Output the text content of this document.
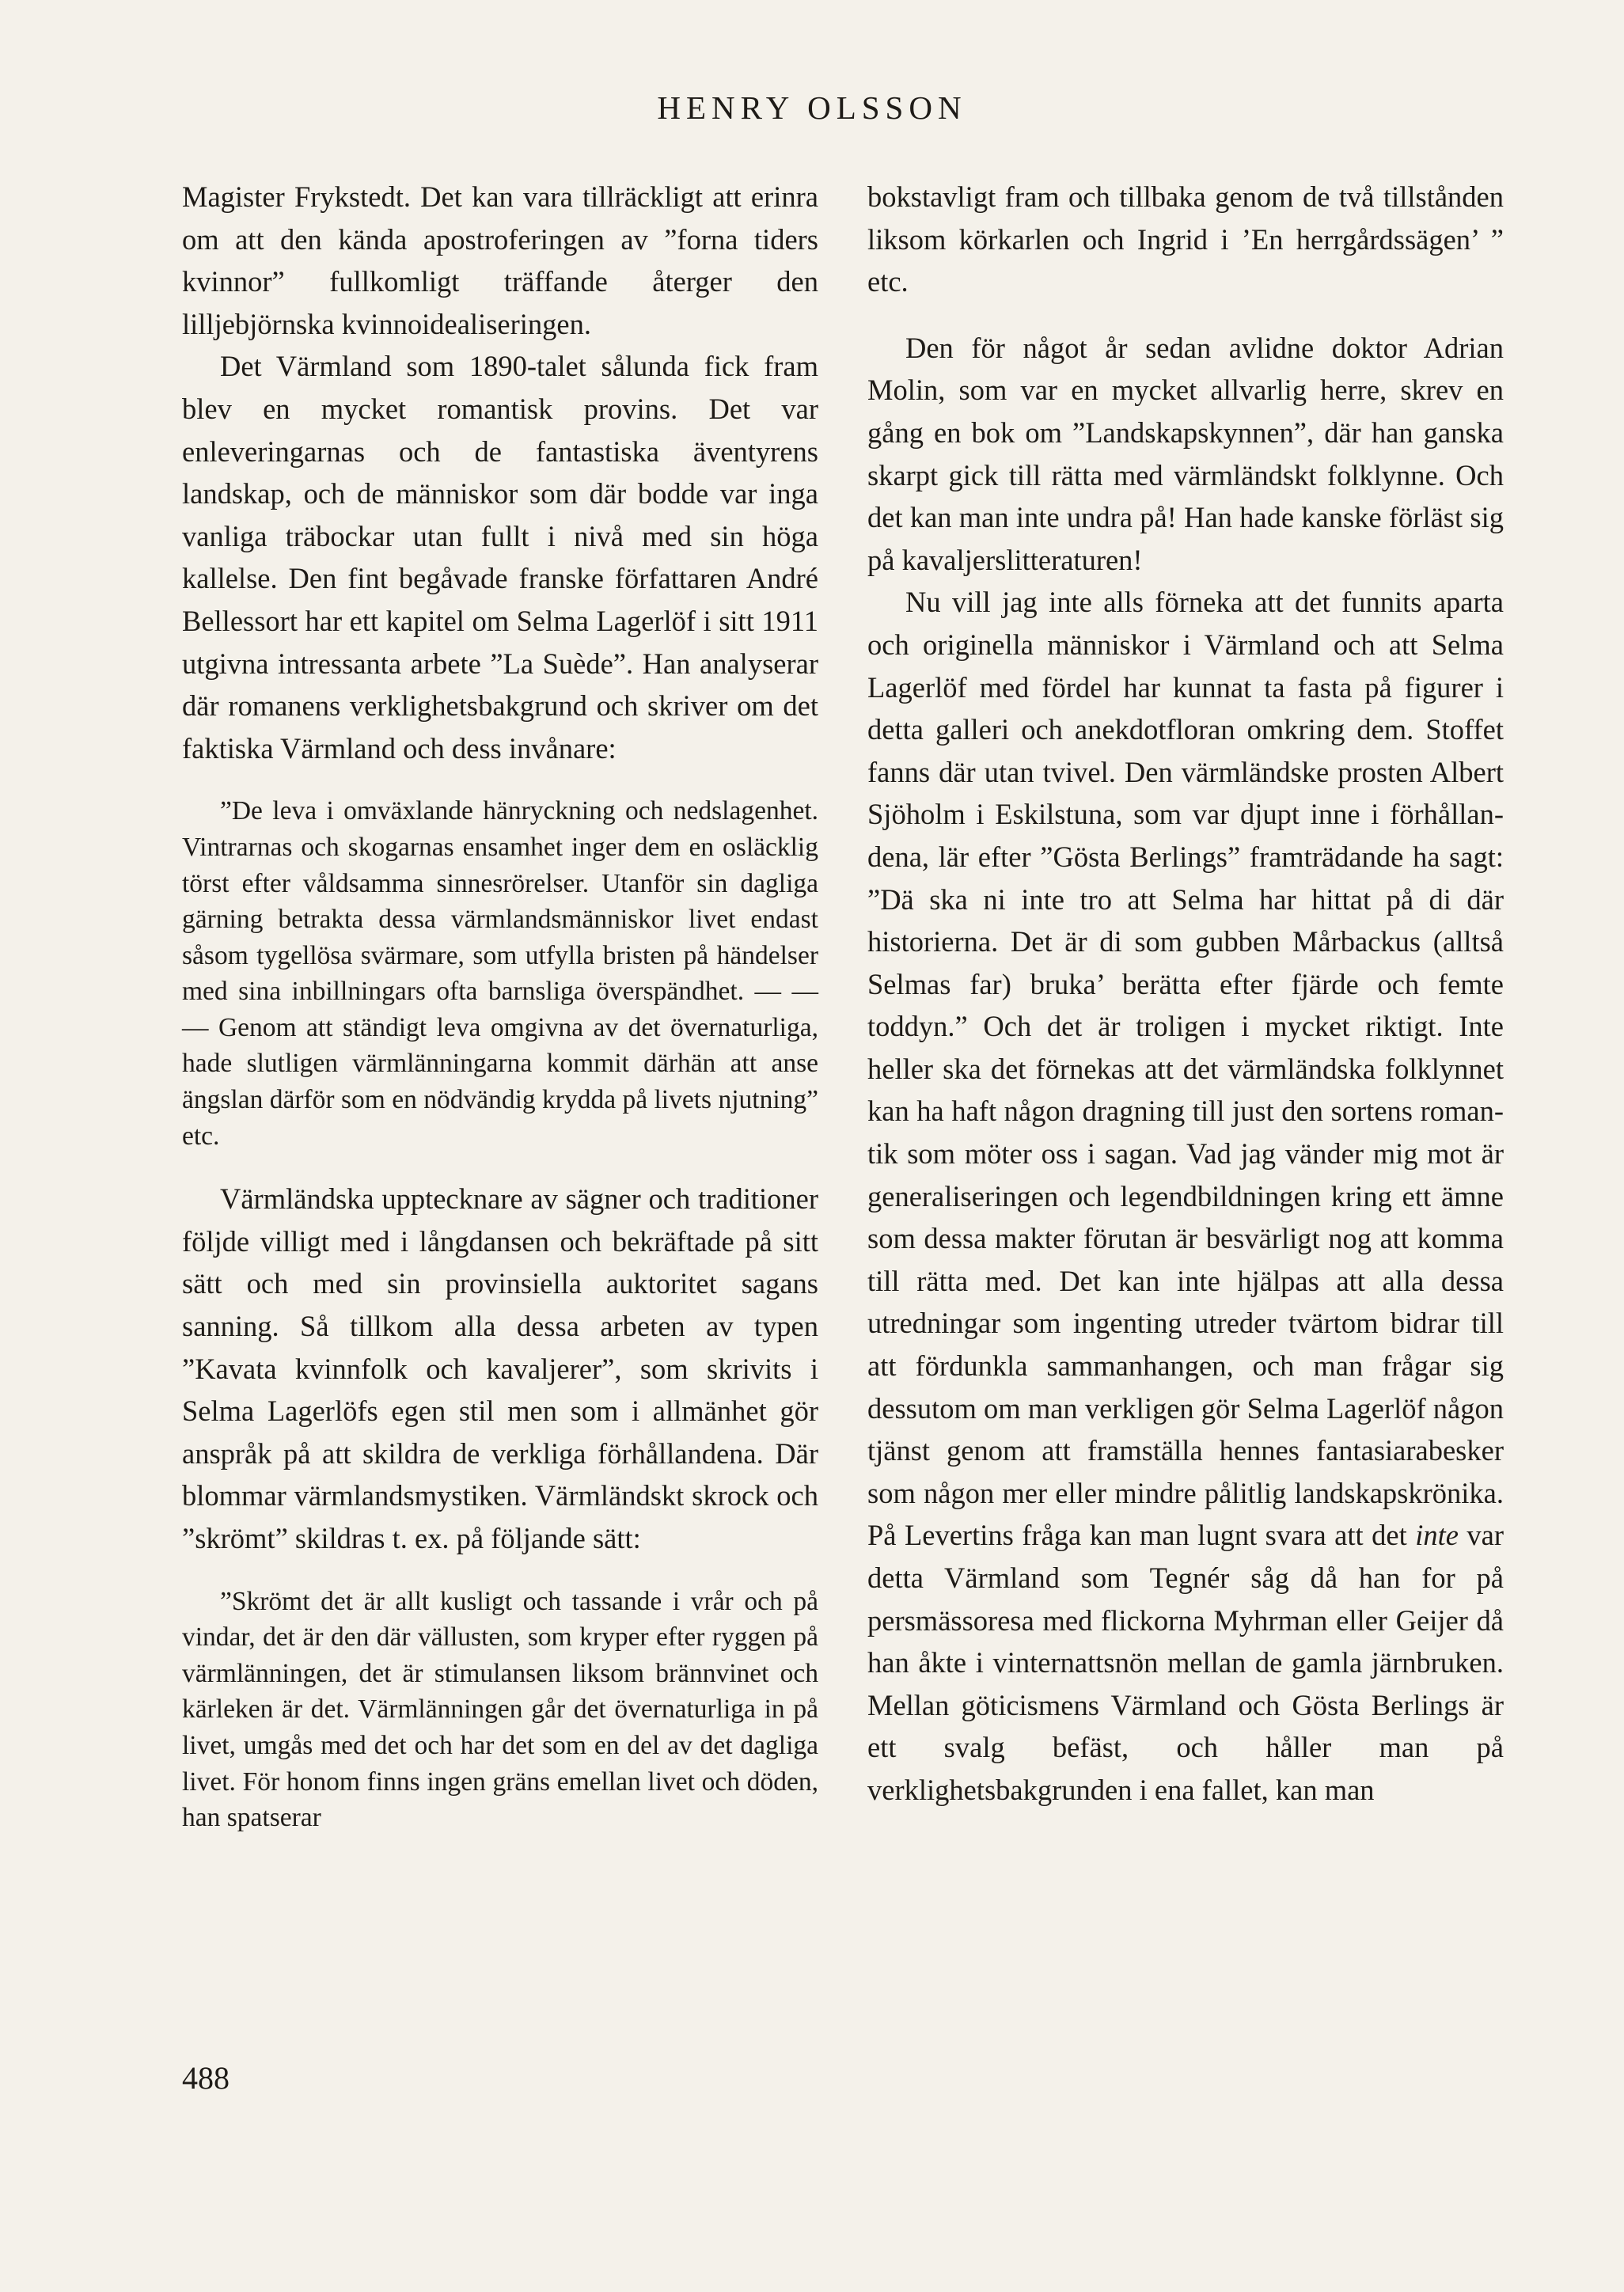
HENRY OLSSON

Magister Frykstedt. Det kan vara tillräckligt att erinra om att den kända apostroferingen av ”forna tiders kvinnor” fullkomligt träffande återger den lilljebjörnska kvinnoidealiseringen.

Det Värmland som 1890-talet sålunda fick fram blev en mycket romantisk provins. Det var enleveringarnas och de fantastiska äventyrens landskap, och de människor som där bodde var inga vanliga träbockar utan fullt i nivå med sin höga kallelse. Den fint begåvade franske författaren André Bellessort har ett kapitel om Selma Lagerlöf i sitt 1911 utgivna intressanta arbete ”La Suède”. Han analyserar där romanens verklighetsbakgrund och skriver om det faktiska Värmland och dess invånare:

”De leva i omväxlande hänryckning och nedslagenhet. Vintrarnas och skogarnas ensamhet inger dem en osläcklig törst efter våldsamma sinnesrörelser. Utanför sin dagliga gärning betrakta dessa värmlandsmänniskor livet endast såsom tygellösa svärmare, som utfylla bristen på händelser med sina inbillningars ofta barnsliga överspändhet. — — — Genom att ständigt leva omgivna av det övernaturliga, hade slutligen värmlänningarna kommit därhän att anse ängslan därför som en nödvändig krydda på livets njutning” etc.

Värmländska upptecknare av sägner och traditioner följde villigt med i långdansen och bekräftade på sitt sätt och med sin provinsiella auktoritet sagans sanning. Så tillkom alla dessa arbeten av typen ”Kavata kvinnfolk och kavaljerer”, som skrivits i Selma Lagerlöfs egen stil men som i allmänhet gör anspråk på att skildra de verkliga förhållandena. Där blommar värmlandsmystiken. Värmländskt skrock och ”skrömt” skildras t. ex. på följande sätt:

”Skrömt det är allt kusligt och tassande i vrår och på vindar, det är den där vällusten, som kryper efter ryggen på värmlänningen, det är stimulansen liksom brännvinet och kärleken är det. Värmlänningen går det övernaturliga in på livet, umgås med det och har det som en del av det dagliga livet. För honom finns ingen gräns emellan livet och döden, han spatserar

bokstavligt fram och tillbaka genom de två tillstånden liksom körkarlen och Ingrid i ’En herrgårdssägen’ ” etc.

Den för något år sedan avlidne doktor Adrian Molin, som var en mycket allvarlig herre, skrev en gång en bok om ”Landskapskynnen”, där han ganska skarpt gick till rätta med värmländskt folklynne. Och det kan man inte undra på! Han hade kanske förläst sig på kavaljerslitteraturen!

Nu vill jag inte alls förneka att det funnits aparta och originella människor i Värmland och att Selma Lagerlöf med fördel har kunnat ta fasta på figurer i detta galleri och anekdotfloran omkring dem. Stoffet fanns där utan tvivel. Den värmländske prosten Albert Sjöholm i Eskilstuna, som var djupt inne i förhållandena, lär efter ”Gösta Berlings” framträdande ha sagt: ”Dä ska ni inte tro att Selma har hittat på di där historierna. Det är di som gubben Mårbackus (alltså Selmas far) bruka’ berätta efter fjärde och femte toddyn.” Och det är troligen i mycket riktigt. Inte heller ska det förnekas att det värmländska folklynnet kan ha haft någon dragning till just den sortens romantik som möter oss i sagan. Vad jag vänder mig mot är generaliseringen och legendbildningen kring ett ämne som dessa makter förutan är besvärligt nog att komma till rätta med. Det kan inte hjälpas att alla dessa utredningar som ingenting utreder tvärtom bidrar till att fördunkla sammanhangen, och man frågar sig dessutom om man verkligen gör Selma Lagerlöf någon tjänst genom att framställa hennes fantasiarabesker som någon mer eller mindre pålitlig landskapskrönika. På Levertins fråga kan man lugnt svara att det inte var detta Värmland som Tegnér såg då han for på persmässoresa med flickorna Myhrman eller Geijer då han åkte i vinternattsnön mellan de gamla järnbruken. Mellan göticismens Värmland och Gösta Berlings är ett svalg befäst, och håller man på verklighetsbakgrunden i ena fallet, kan man

488
